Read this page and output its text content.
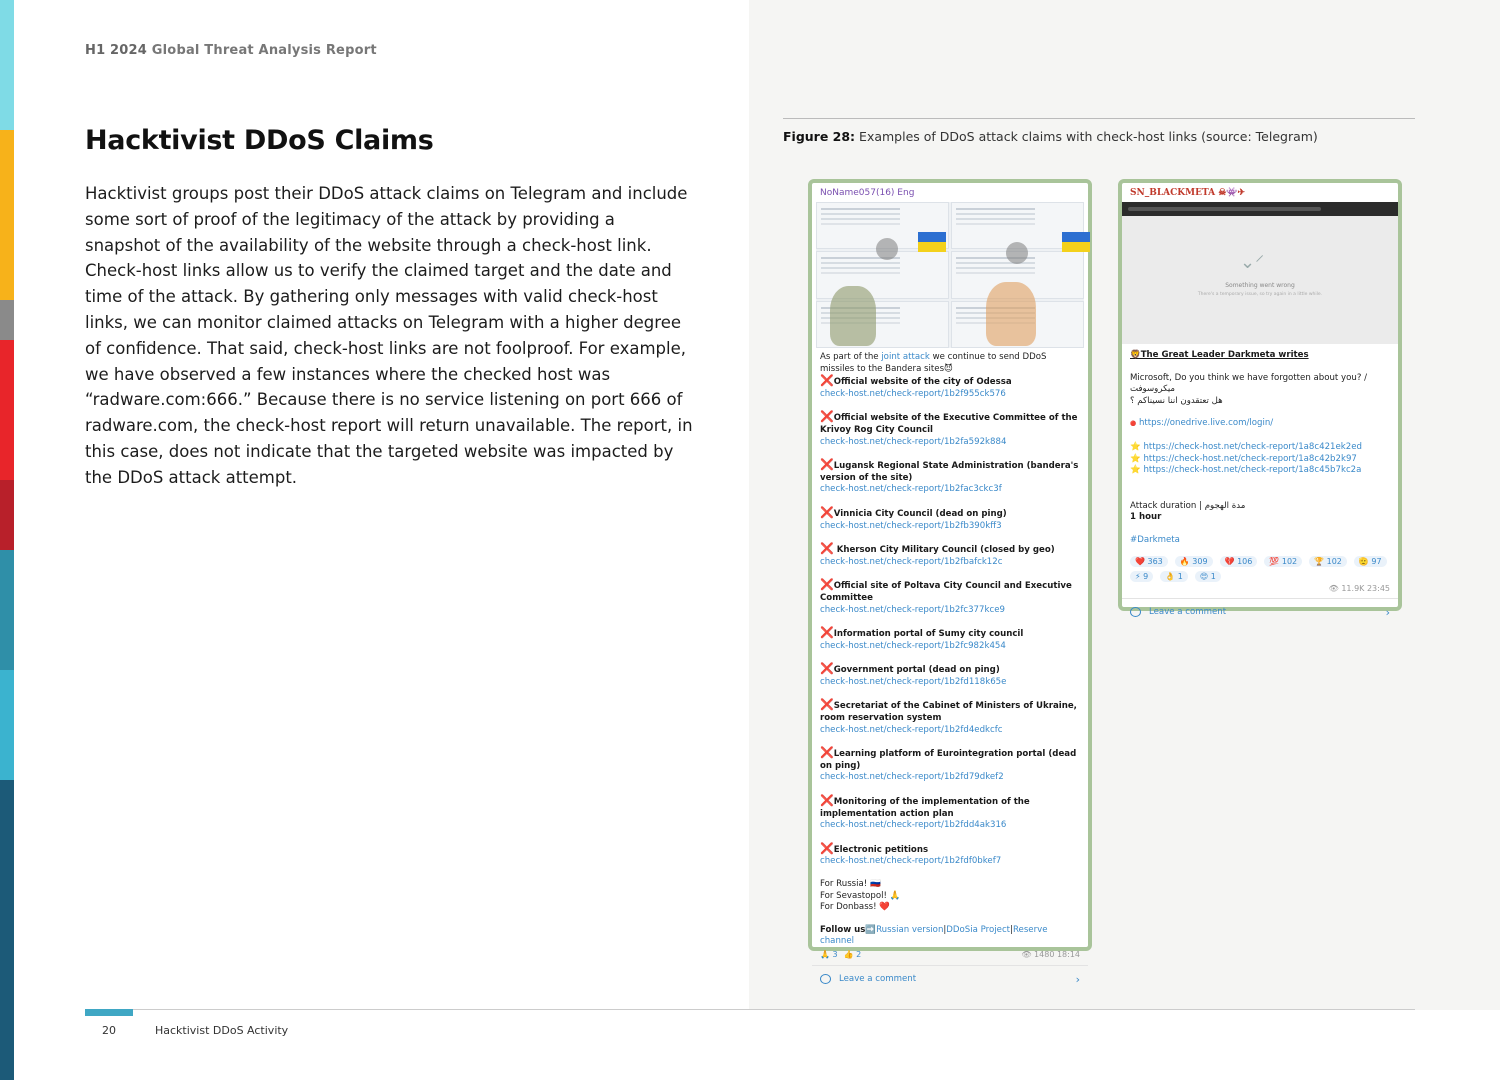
H1 2024 Global Threat Analysis Report
Hacktivist DDoS Claims

Hacktivist groups post their DDoS attack claims on Telegram and include some sort of proof of the legitimacy of the attack by providing a snapshot of the availability of the website through a check-host link. Check-host links allow us to verify the claimed target and the date and time of the attack. By gathering only messages with valid check-host links, we can monitor claimed attacks on Telegram with a higher degree of confidence. That said, check-host links are not foolproof. For example, we have observed a few instances where the checked host was “radware.com:666.” Because there is no service listening on port 666 of radware.com, the check-host report will return unavailable. The report, in this case, does not indicate that the targeted website was impacted by the DDoS attack attempt.

Figure 28: Examples of DDoS attack claims with check-host links (source: Telegram)
NoName057(16) Eng
As part of the joint attack we continue to send DDoS missiles to the Bandera sites😈
❌Official website of the city of Odessa
check-host.net/check-report/1b2f955ck576
❌Official website of the Executive Committee of the Krivoy Rog City Council
check-host.net/check-report/1b2fa592k884
❌Lugansk Regional State Administration (bandera's version of the site)
check-host.net/check-report/1b2fac3ckc3f
❌Vinnicia City Council (dead on ping)
check-host.net/check-report/1b2fb390kff3
❌ Kherson City Military Council (closed by geo)
check-host.net/check-report/1b2fbafck12c
❌Official site of Poltava City Council and Executive Committee
check-host.net/check-report/1b2fc377kce9
❌Information portal of Sumy city council
check-host.net/check-report/1b2fc982k454
❌Government portal (dead on ping)
check-host.net/check-report/1b2fd118k65e
❌Secretariat of the Cabinet of Ministers of Ukraine, room reservation system
check-host.net/check-report/1b2fd4edkcfc
❌Learning platform of Eurointegration portal (dead on ping)
check-host.net/check-report/1b2fd79dkef2
❌Monitoring of the implementation of the implementation action plan
check-host.net/check-report/1b2fdd4ak316
❌Electronic petitions
check-host.net/check-report/1b2fdf0bkef7
For Russia! 🇷🇺
For Sevastopol! 🙏
For Donbass! ❤️
Follow us➡️Russian version|DDoSia Project|Reserve channel
🙏 3 👍 2	👁 1480 18:14
Leave a comment	›
SN_BLACKMETA ☠👾✈
⌄⸍
Something went wrong
There's a temporary issue, so try again in a little while.
🦁The Great Leader Darkmeta writes
Microsoft, Do you think we have forgotten about you? /ميكروسوفت
هل تعتقدون اننا نسيناكم ؟
🔴 https://onedrive.live.com/login/
⭐ https://check-host.net/check-report/1a8c421ek2ed
⭐ https://check-host.net/check-report/1a8c42b2k97
⭐ https://check-host.net/check-report/1a8c45b7kc2a
Attack duration | مدة الهجوم
1 hour
#Darkmeta
❤️ 363	🔥 309	💔 106	💯 102	🏆 102	🫡 97
⚡ 9	👌 1	😍 1
👁 11.9K 23:45
Leave a comment	›
20	Hacktivist DDoS Activity
